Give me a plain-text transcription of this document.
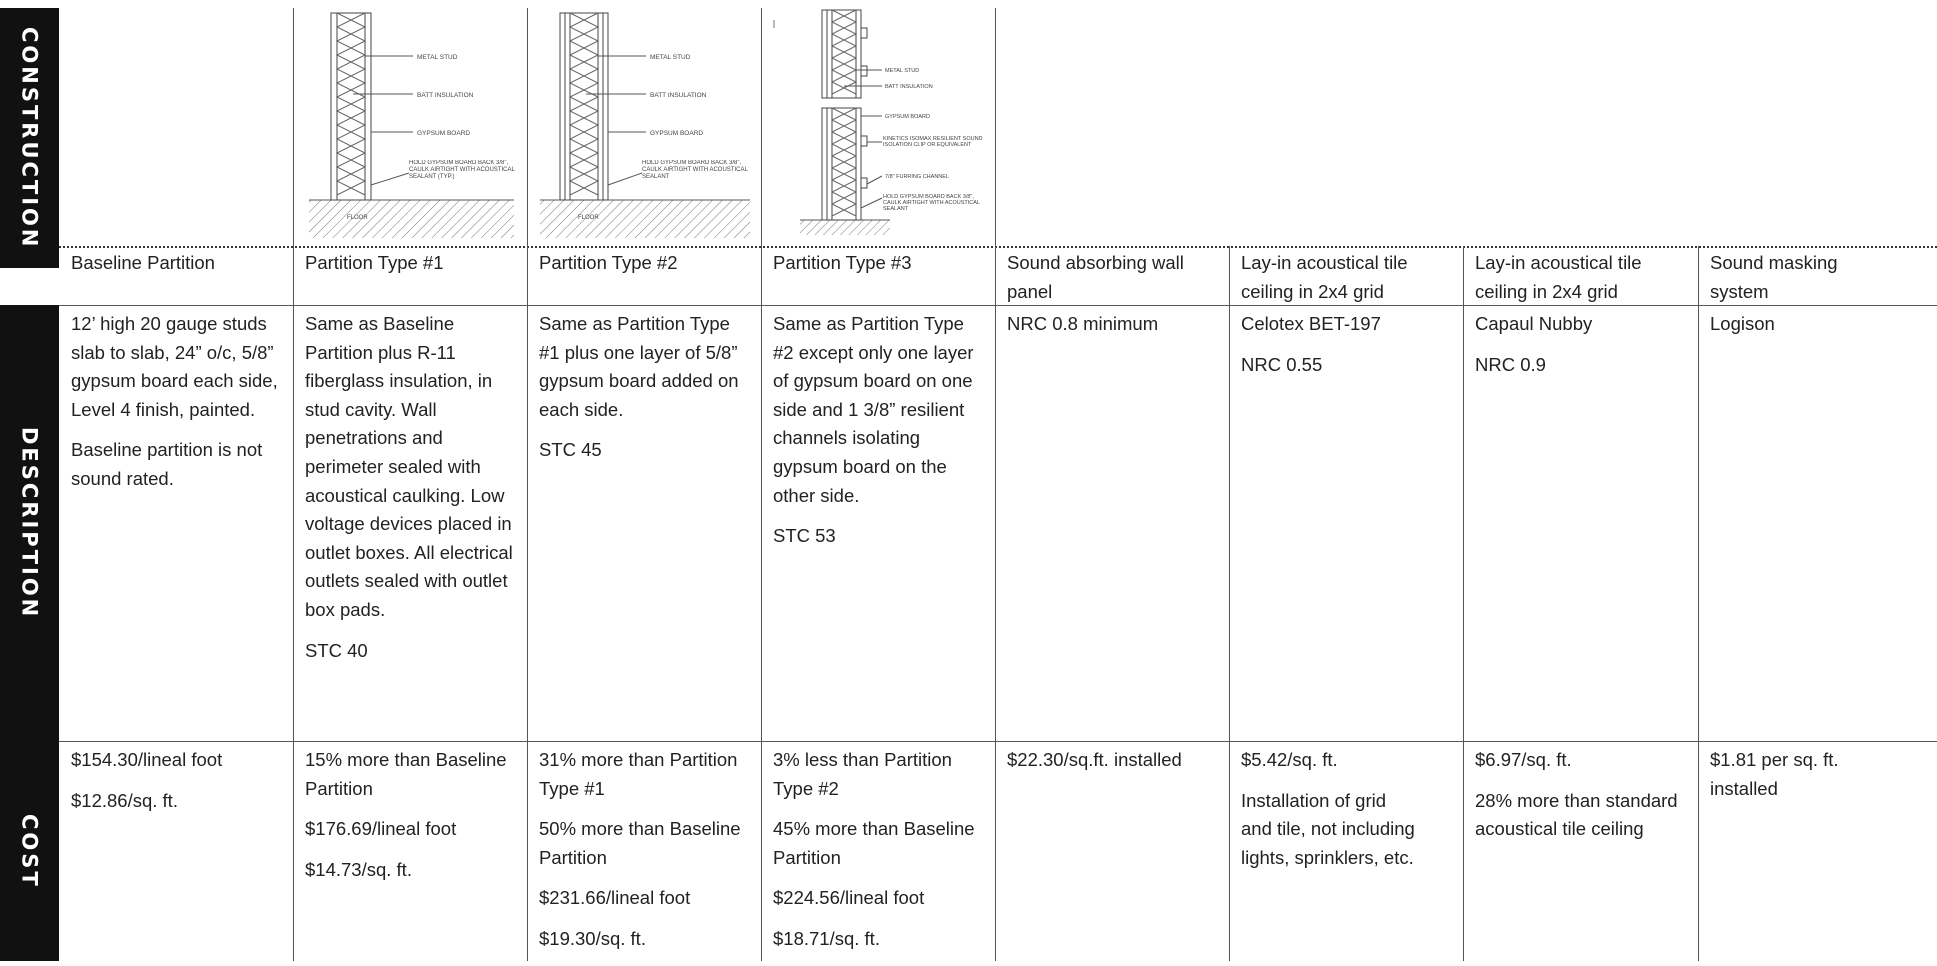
CONSTRUCTION
DESCRIPTION
COST
METAL STUD
BATT INSULATION
GYPSUM BOARD
HOLD GYPSUM BOARD BACK 3/8", CAULK AIRTIGHT WITH ACOUSTICAL SEALANT (TYP.)
FLOOR
METAL STUD
BATT INSULATION
GYPSUM BOARD
HOLD GYPSUM BOARD BACK 3/8", CAULK AIRTIGHT WITH ACOUSTICAL SEALANT
FLOOR
METAL STUD
BATT INSULATION
GYPSUM BOARD
KINETICS ISOMAX RESILIENT SOUND ISOLATION CLIP OR EQUIVALENT
7/8" FURRING CHANNEL
HOLD GYPSUM BOARD BACK 3/8", CAULK AIRTIGHT WITH ACOUSTICAL SEALANT

Baseline Partition

12’ high 20 gauge studs slab to slab, 24” o/c, 5/8” gypsum board each side, Level 4 finish, painted.

Baseline partition is not sound rated.

$154.30/lineal foot

$12.86/sq. ft.

Partition Type #1

Same as Baseline Partition plus R-11 fiberglass insulation, in stud cavity. Wall penetrations and perimeter sealed with acoustical caulking. Low voltage devices placed in outlet boxes. All electrical outlets sealed with outlet box pads.

STC 40

15% more than Baseline Partition

$176.69/lineal foot

$14.73/sq. ft.

Partition Type #2

Same as Partition Type #1 plus one layer of 5/8” gypsum board added on each side.

STC 45

31% more than Partition Type #1

50% more than Baseline Partition

$231.66/lineal foot

$19.30/sq. ft.

Partition Type #3

Same as Partition Type #2 except only one layer of gypsum board on one side and 1 3/8” resilient channels isolating gypsum board on the other side.

STC 53

3% less than Partition Type #2

45% more than Baseline Partition

$224.56/lineal foot

$18.71/sq. ft.

Sound absorbing wall panel

NRC 0.8 minimum

$22.30/sq.ft. installed

Lay-in acoustical tile ceiling in 2x4 grid

Celotex BET-197

NRC 0.55

$5.42/sq. ft.

Installation of grid and tile, not including lights, sprinklers, etc.

Lay-in acoustical tile ceiling in 2x4 grid

Capaul Nubby

NRC 0.9

$6.97/sq. ft.

28% more than standard acoustical tile ceiling

Sound masking system

Logison

$1.81 per sq. ft. installed
